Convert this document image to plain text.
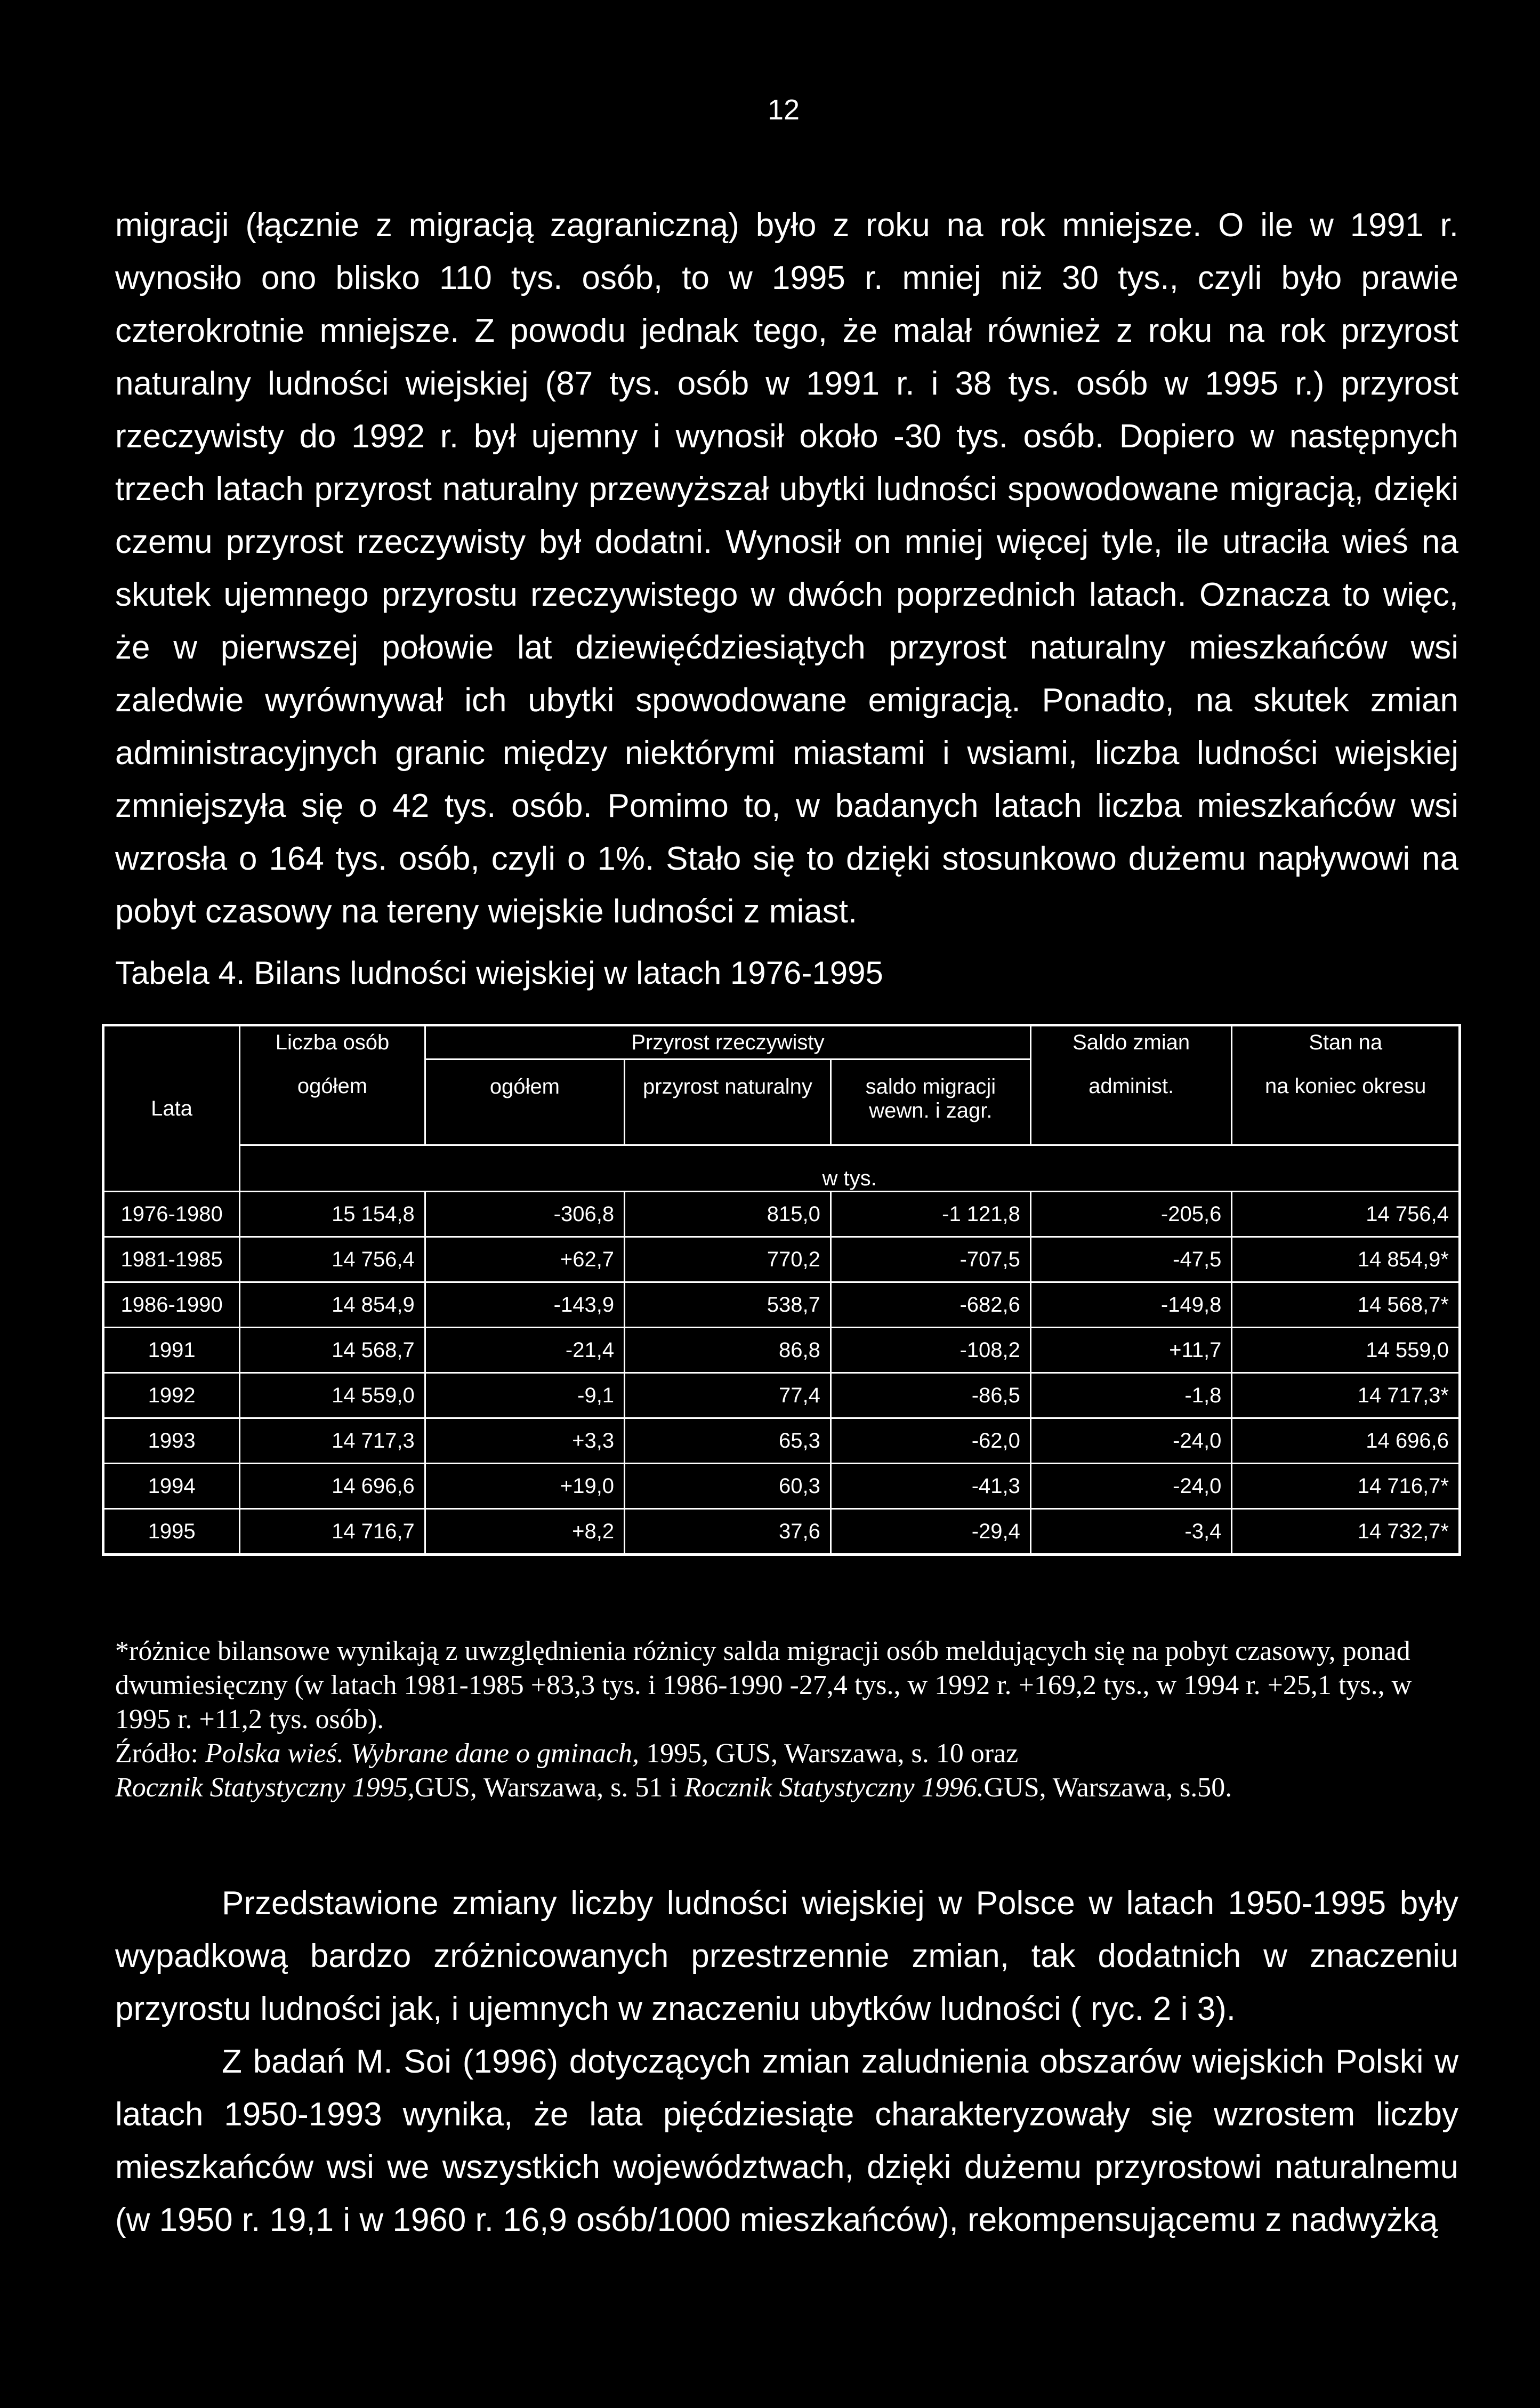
12
migracji (łącznie z migracją zagraniczną) było z roku na rok mniejsze. O ile w 1991 r. wynosiło ono blisko 110 tys. osób, to w 1995 r. mniej niż 30 tys., czyli było prawie czterokrotnie mniejsze. Z powodu jednak tego, że malał również z roku na rok przyrost naturalny ludności wiejskiej (87 tys. osób w 1991 r. i 38 tys. osób w 1995 r.) przyrost rzeczywisty do 1992 r. był ujemny i wynosił około -30 tys. osób. Dopiero w następnych trzech latach przyrost naturalny przewyższał ubytki ludności spowodowane migracją, dzięki czemu przyrost rzeczywisty był dodatni. Wynosił on mniej więcej tyle, ile utraciła wieś na skutek ujemnego przyrostu rzeczywistego w dwóch poprzednich latach. Oznacza to więc, że w pierwszej połowie lat dziewięćdziesiątych przyrost naturalny mieszkańców wsi zaledwie wyrównywał ich ubytki spowodowane emigracją. Ponadto, na skutek zmian administracyjnych granic między niektórymi miastami i wsiami, liczba ludności wiejskiej zmniejszyła się o 42 tys. osób. Pomimo to, w badanych latach liczba mieszkańców wsi wzrosła o 164 tys. osób, czyli o 1%. Stało się to dzięki stosunkowo dużemu napływowi na pobyt czasowy na tereny wiejskie ludności z miast.
Tabela 4. Bilans ludności wiejskiej w latach 1976-1995
Lata	Liczba osób	Przyrost rzeczywisty			Saldo zmian	Stan na
	ogółem	ogółem	przyrost naturalny	saldo migracji wewn. i zagr.	administ.	na koniec okresu
	w tys.					
1976-1980	15 154,8	-306,8	815,0	-1 121,8	-205,6	14 756,4
1981-1985	14 756,4	+62,7	770,2	-707,5	-47,5	14 854,9*
1986-1990	14 854,9	-143,9	538,7	-682,6	-149,8	14 568,7*
1991	14 568,7	-21,4	86,8	-108,2	+11,7	14 559,0
1992	14 559,0	-9,1	77,4	-86,5	-1,8	14 717,3*
1993	14 717,3	+3,3	65,3	-62,0	-24,0	14 696,6
1994	14 696,6	+19,0	60,3	-41,3	-24,0	14 716,7*
1995	14 716,7	+8,2	37,6	-29,4	-3,4	14 732,7*

*różnice bilansowe wynikają z uwzględnienia różnicy salda migracji osób meldujących się na pobyt czasowy, ponad dwumiesięczny (w latach 1981-1985 +83,3 tys. i 1986-1990 -27,4 tys., w 1992 r. +169,2 tys., w 1994 r. +25,1 tys., w 1995 r. +11,2 tys. osób).

Źródło: Polska wieś. Wybrane dane o gminach, 1995, GUS, Warszawa, s. 10 oraz

Rocznik Statystyczny 1995,GUS, Warszawa, s. 51 i Rocznik Statystyczny 1996.GUS, Warszawa, s.50.

Przedstawione zmiany liczby ludności wiejskiej w Polsce w latach 1950-1995 były wypadkową bardzo zróżnicowanych przestrzennie zmian, tak dodatnich w znaczeniu przyrostu ludności jak, i ujemnych w znaczeniu ubytków ludności ( ryc. 2 i 3).

Z badań M. Soi (1996) dotyczących zmian zaludnienia obszarów wiejskich Polski w latach 1950-1993 wynika, że lata pięćdziesiąte charakteryzowały się wzrostem liczby mieszkańców wsi we wszystkich województwach, dzięki dużemu przyrostowi naturalnemu (w 1950 r. 19,1 i w 1960 r. 16,9 osób/1000 mieszkańców), rekompensującemu z nadwyżką
